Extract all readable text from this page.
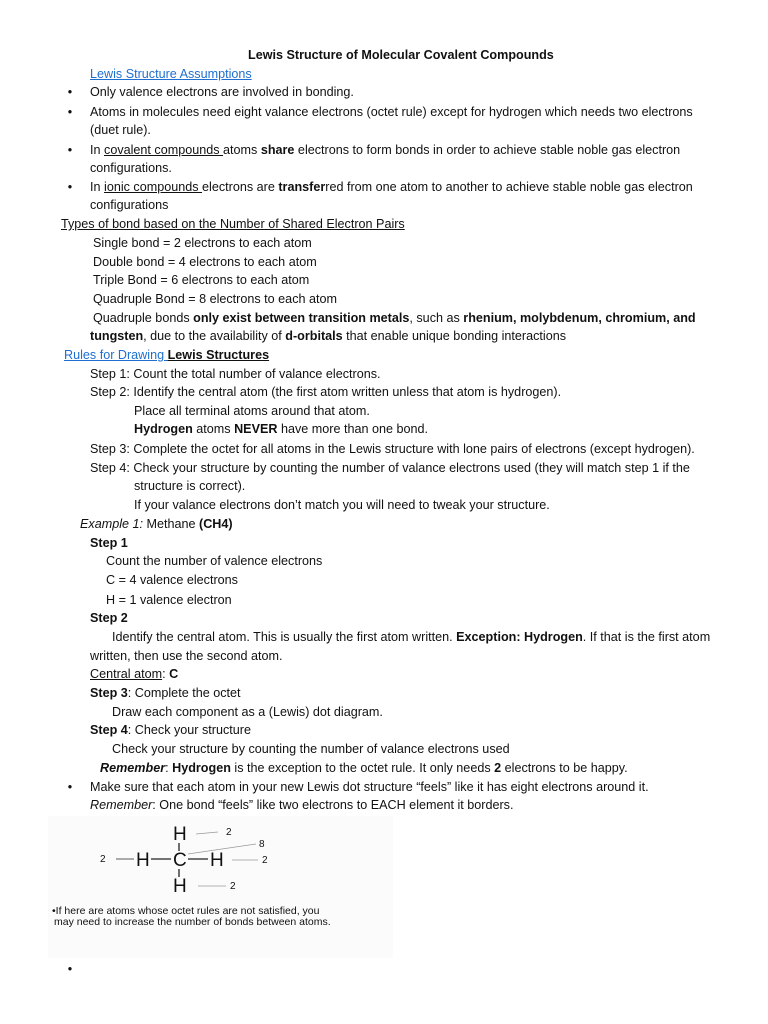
Lewis Structure of Molecular Covalent Compounds
Lewis Structure Assumptions
• Only valence electrons are involved in bonding.
• Atoms in molecules need eight valance electrons (octet rule) except for hydrogen which needs two electrons
(duet rule).
• In covalent compounds atoms share electrons to form bonds in order to achieve stable noble gas electron
configurations.
• In ionic compounds electrons are transferred from one atom to another to achieve stable noble gas electron
configurations
Types of bond based on the Number of Shared Electron Pairs
Single bond = 2 electrons to each atom
Double bond = 4 electrons to each atom
Triple Bond = 6 electrons to each atom
Quadruple Bond = 8 electrons to each atom
Quadruple bonds only exist between transition metals, such as rhenium, molybdenum, chromium, and
tungsten, due to the availability of d-orbitals that enable unique bonding interactions
Rules for Drawing Lewis Structures
Step 1: Count the total number of valance electrons.
Step 2: Identify the central atom (the first atom written unless that atom is hydrogen).
Place all terminal atoms around that atom.
Hydrogen atoms NEVER have more than one bond.
Step 3: Complete the octet for all atoms in the Lewis structure with lone pairs of electrons (except hydrogen).
Step 4: Check your structure by counting the number of valance electrons used (they will match step 1 if the
structure is correct).
If your valance electrons don’t match you will need to tweak your structure.
Example 1: Methane (CH4)
Step 1
Count the number of valence electrons
C = 4 valence electrons
H = 1 valence electron
Step 2
Identify the central atom. This is usually the first atom written. Exception: Hydrogen. If that is the first atom
written, then use the second atom.
Central atom: C
Step 3: Complete the octet
Draw each component as a (Lewis) dot diagram.
Step 4: Check your structure
Check your structure by counting the number of valance electrons used
Remember: Hydrogen is the exception to the octet rule. It only needs 2 electrons to be happy.
• Make sure that each atom in your new Lewis dot structure “feels” like it has eight electrons around it.
Remember: One bond “feels” like two electrons to EACH element it borders.
H
H C H
H
2
2	2
2
8
•If here are atoms whose octet rules are not satisfied, you
may need to increase the number of bonds between atoms.
•
